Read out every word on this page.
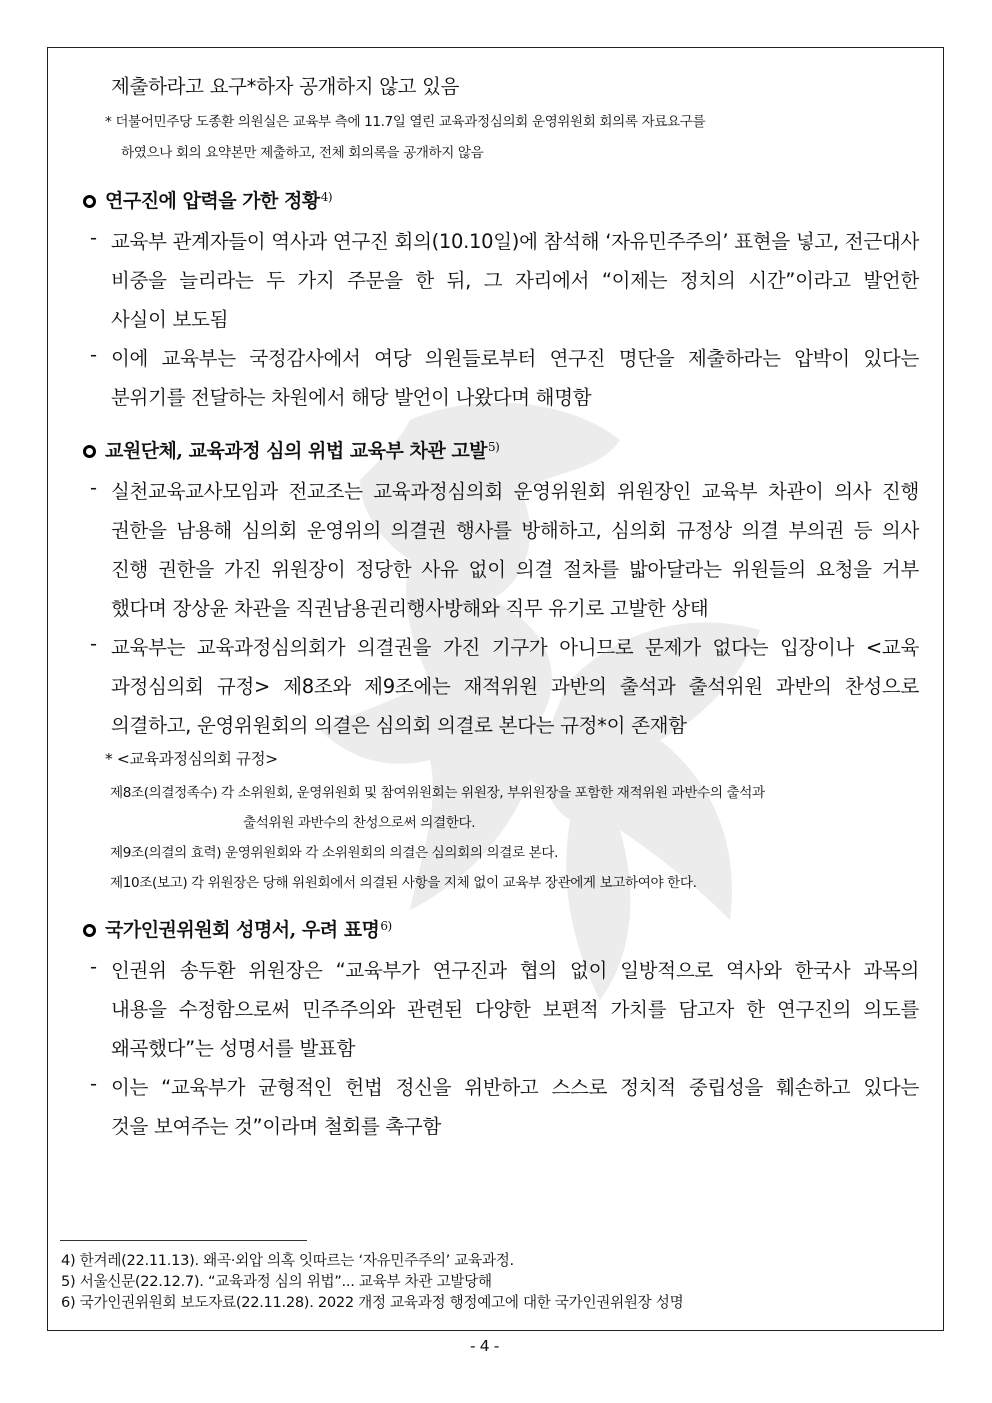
제출하라고 요구*하자 공개하지 않고 있음
* 더불어민주당 도종환 의원실은 교육부 측에 11.7일 열린 교육과정심의회 운영위원회 회의록 자료요구를
하였으나 회의 요약본만 제출하고, 전체 회의록을 공개하지 않음
연구진에 압력을 가한 정황$^{4)}$
- 교육부 관계자들이 역사과 연구진 회의(10.10일)에 참석해 ‘자유민주주의’ 표현을 넣고, 전근대사
비중을 늘리라는 두 가지 주문을 한 뒤, 그 자리에서 “이제는 정치의 시간”이라고 발언한
사실이 보도됨
- 이에 교육부는 국정감사에서 여당 의원들로부터 연구진 명단을 제출하라는 압박이 있다는
분위기를 전달하는 차원에서 해당 발언이 나왔다며 해명함
교원단체, 교육과정 심의 위법 교육부 차관 고발$^{5)}$
- 실천교육교사모임과 전교조는 교육과정심의회 운영위원회 위원장인 교육부 차관이 의사 진행
권한을 남용해 심의회 운영위의 의결권 행사를 방해하고, 심의회 규정상 의결 부의권 등 의사
진행 권한을 가진 위원장이 정당한 사유 없이 의결 절차를 밟아달라는 위원들의 요청을 거부
했다며 장상윤 차관을 직권남용권리행사방해와 직무 유기로 고발한 상태
- 교육부는 교육과정심의회가 의결권을 가진 기구가 아니므로 문제가 없다는 입장이나 <교육
과정심의회 규정> 제8조와 제9조에는 재적위원 과반의 출석과 출석위원 과반의 찬성으로
의결하고, 운영위원회의 의결은 심의회 의결로 본다는 규정*이 존재함
* <교육과정심의회 규정>
제8조(의결정족수) 각 소위원회, 운영위원회 및 참여위원회는 위원장, 부위원장을 포함한 재적위원 과반수의 출석과
출석위원 과반수의 찬성으로써 의결한다.
제9조(의결의 효력) 운영위원회와 각 소위원회의 의결은 심의회의 의결로 본다.
제10조(보고) 각 위원장은 당해 위원회에서 의결된 사항을 지체 없이 교육부 장관에게 보고하여야 한다.
국가인권위원회 성명서, 우려 표명$^{6)}$
- 인권위 송두환 위원장은 “교육부가 연구진과 협의 없이 일방적으로 역사와 한국사 과목의
내용을 수정함으로써 민주주의와 관련된 다양한 보편적 가치를 담고자 한 연구진의 의도를
왜곡했다”는 성명서를 발표함
- 이는 “교육부가 균형적인 헌법 정신을 위반하고 스스로 정치적 중립성을 훼손하고 있다는
것을 보여주는 것”이라며 철회를 촉구함
4) 한겨레(22.11.13). 왜곡·외압 의혹 잇따르는 ‘자유민주주의’ 교육과정.
5) 서울신문(22.12.7). “교육과정 심의 위법”... 교육부 차관 고발당해
6) 국가인권위원회 보도자료(22.11.28). 2022 개정 교육과정 행정예고에 대한 국가인권위원장 성명
- 4 -
